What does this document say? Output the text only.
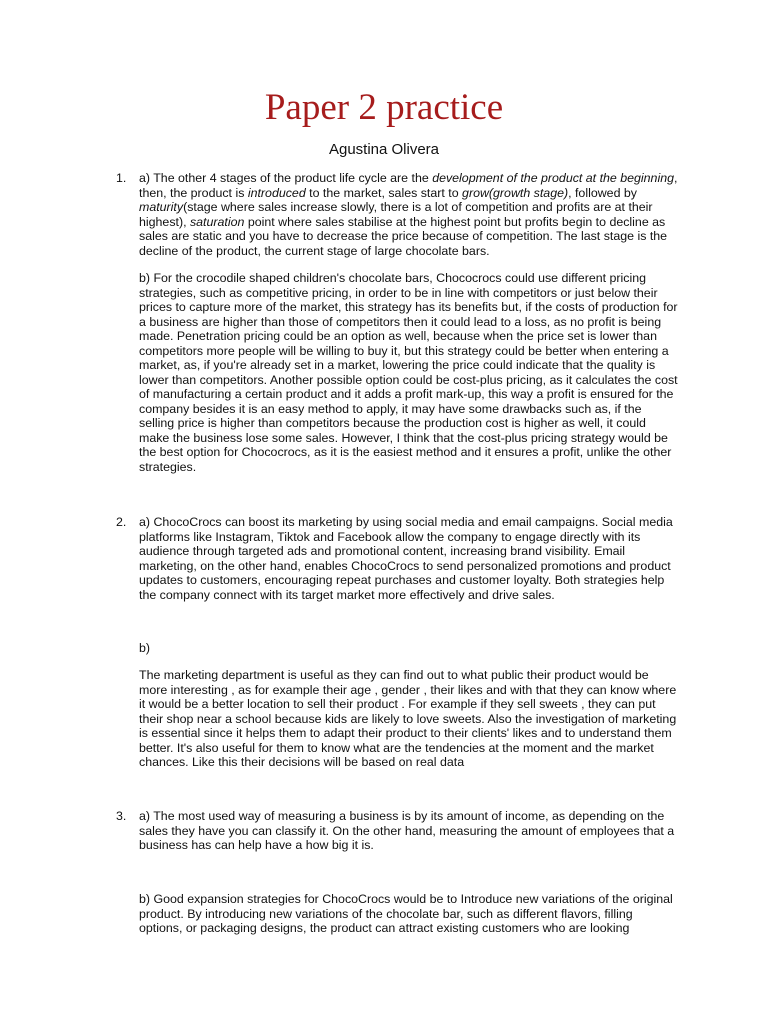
Paper 2 practice

Agustina Olivera

1. a) The other 4 stages of the product life cycle are the development of the product at the beginning, then, the product is introduced to the market, sales start to grow(growth stage), followed by maturity(stage where sales increase slowly, there is a lot of competition and profits are at their highest), saturation point where sales stabilise at the highest point but profits begin to decline as sales are static and you have to decrease the price because of competition. The last stage is the decline of the product, the current stage of large chocolate bars.

b) For the crocodile shaped children's chocolate bars, Chococrocs could use different pricing strategies, such as competitive pricing, in order to be in line with competitors or just below their prices to capture more of the market, this strategy has its benefits but, if the costs of production for a business are higher than those of competitors then it could lead to a loss, as no profit is being made. Penetration pricing could be an option as well, because when the price set is lower than competitors more people will be willing to buy it, but this strategy could be better when entering a market, as, if you're already set in a market, lowering the price could indicate that the quality is lower than competitors. Another possible option could be cost-plus pricing, as it calculates the cost of manufacturing a certain product and it adds a profit mark-up, this way a profit is ensured for the company besides it is an easy method to apply, it may have some drawbacks such as, if the selling price is higher than competitors because the production cost is higher as well, it could make the business lose some sales. However, I think that the cost-plus pricing strategy would be the best option for Chococrocs, as it is the easiest method and it ensures a profit, unlike the other strategies.

2. a) ChocoCrocs can boost its marketing by using social media and email campaigns. Social media platforms like Instagram, Tiktok and Facebook allow the company to engage directly with its audience through targeted ads and promotional content, increasing brand visibility. Email marketing, on the other hand, enables ChocoCrocs to send personalized promotions and product updates to customers, encouraging repeat purchases and customer loyalty. Both strategies help the company connect with its target market more effectively and drive sales.

b)

The marketing department is useful as they can find out to what public their product would be more interesting , as for example their age , gender , their likes and with that they can know where it would be a better location to sell their product . For example if they sell sweets , they can put their shop near a school because kids are likely to love sweets. Also the investigation of marketing is essential since it helps them to adapt their product to their clients' likes and to understand them better. It's also useful for them to know what are the tendencies at the moment and the market chances. Like this their decisions will be based on real data

3. a) The most used way of measuring a business is by its amount of income, as depending on the sales they have you can classify it. On the other hand, measuring the amount of employees that a business has can help have a how big it is.

b) Good expansion strategies for ChocoCrocs would be to Introduce new variations of the original product. By introducing new variations of the chocolate bar, such as different flavors, filling options, or packaging designs, the product can attract existing customers who are looking
